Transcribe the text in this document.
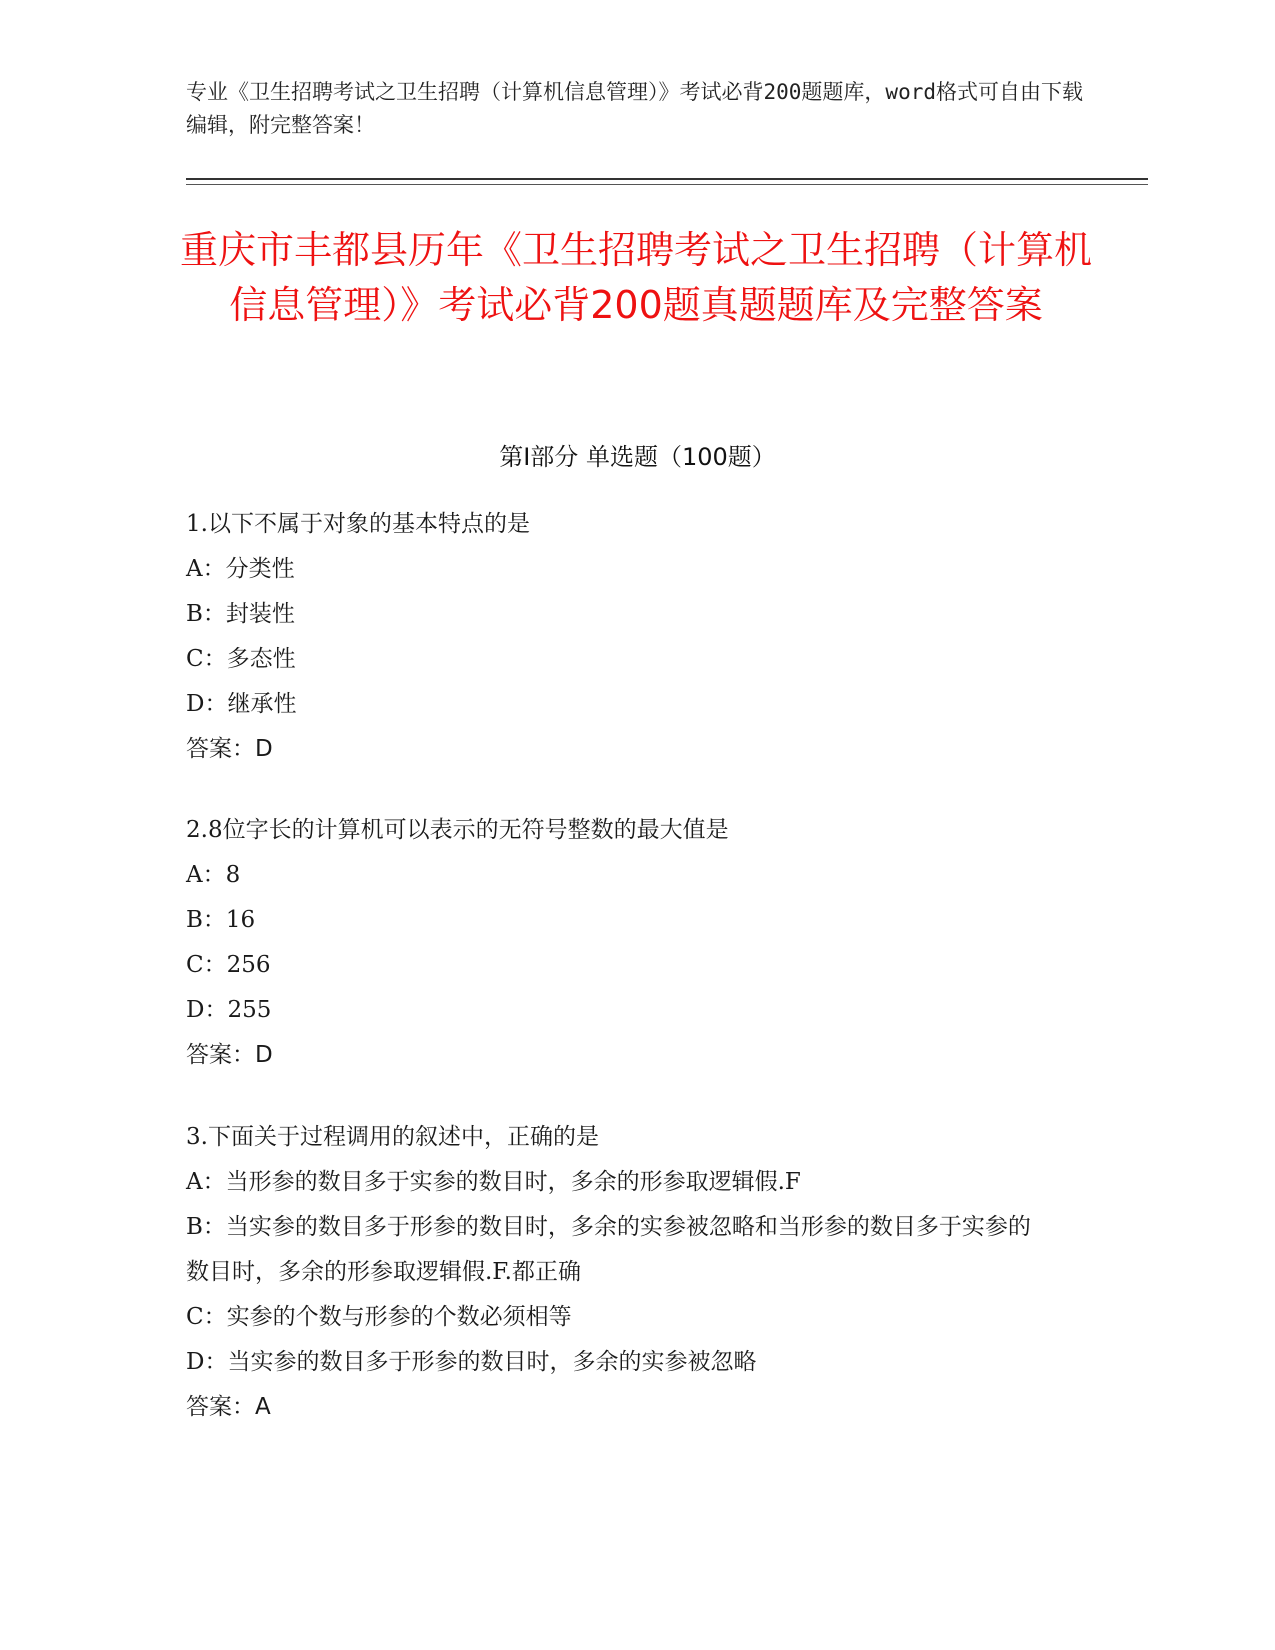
专业《卫生招聘考试之卫生招聘（计算机信息管理）》考试必背200题题库，word格式可自由下载编辑，附完整答案！
重庆市丰都县历年《卫生招聘考试之卫生招聘（计算机信息管理）》考试必背200题真题题库及完整答案
第Ⅰ部分 单选题（100题）
1.以下不属于对象的基本特点的是
A：分类性
B：封装性
C：多态性
D：继承性
答案：D
2.8位字长的计算机可以表示的无符号整数的最大值是
A：8
B：16
C：256
D：255
答案：D
3.下面关于过程调用的叙述中，正确的是
A：当形参的数目多于实参的数目时，多余的形参取逻辑假.F
B：当实参的数目多于形参的数目时，多余的实参被忽略和当形参的数目多于实参的数目时，多余的形参取逻辑假.F.都正确
C：实参的个数与形参的个数必须相等
D：当实参的数目多于形参的数目时，多余的实参被忽略
答案：A
